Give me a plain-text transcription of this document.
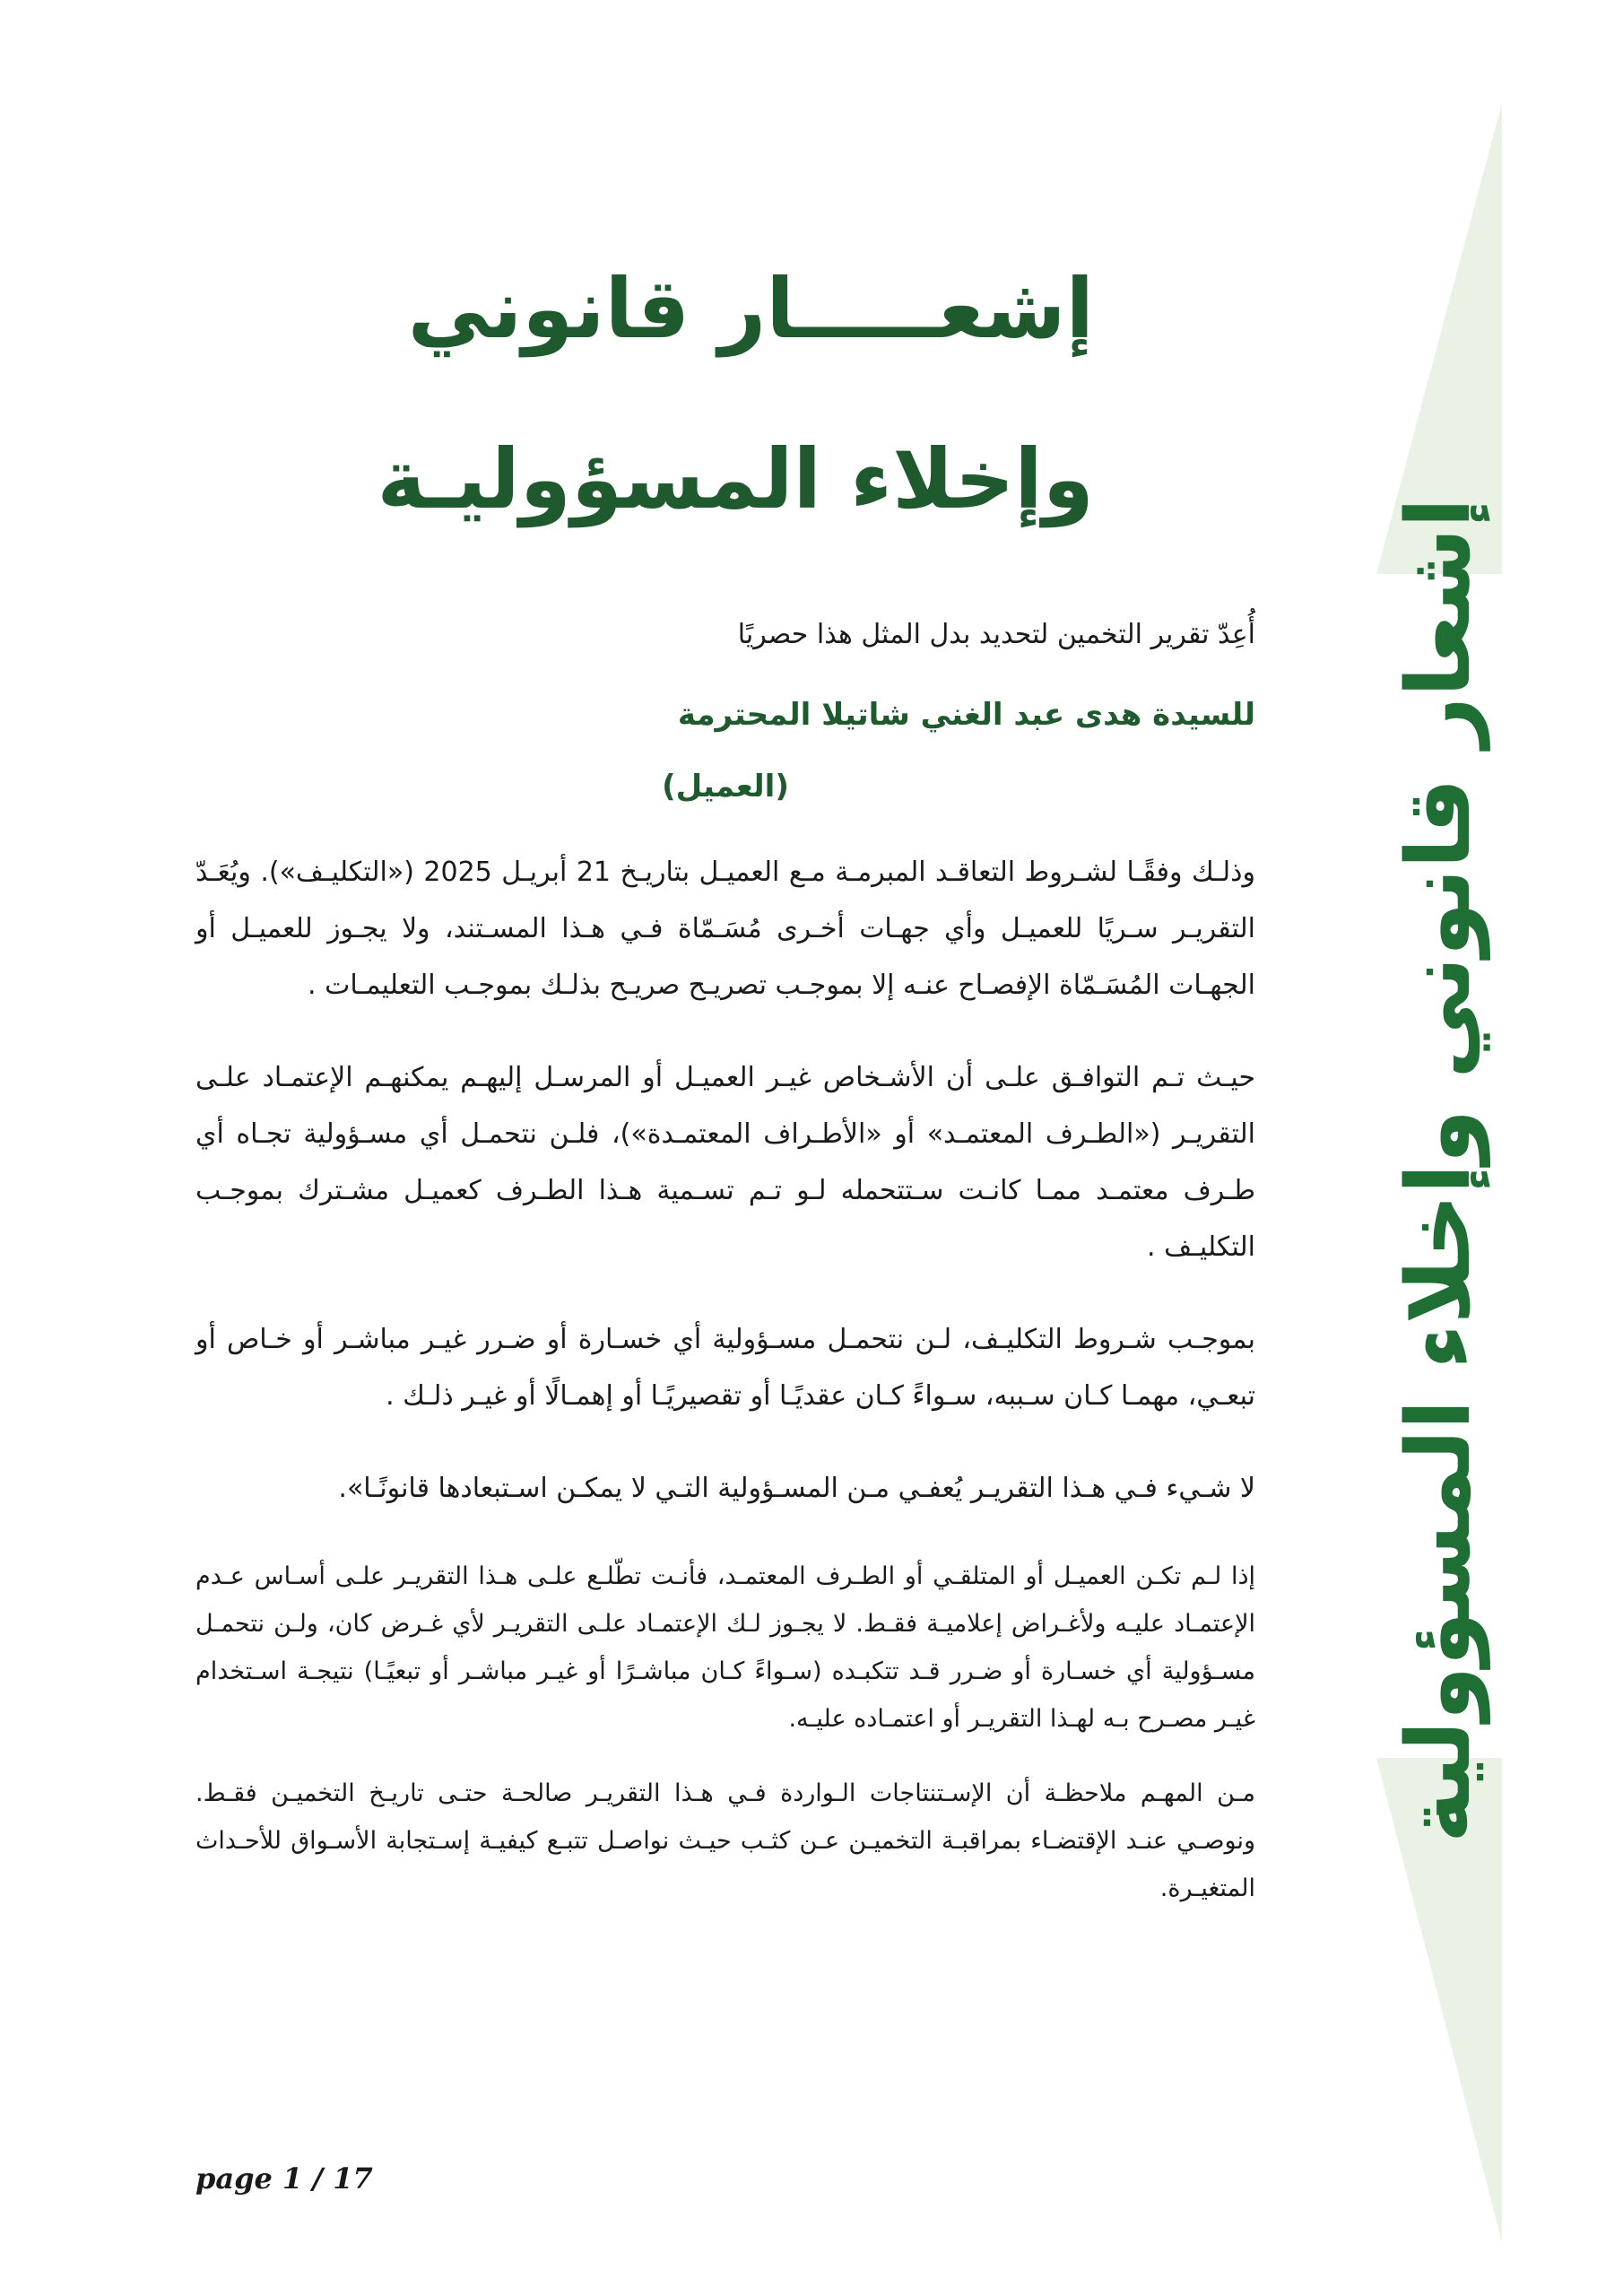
إشعار قانوني وإخلاء المسؤولية
إشعـــــار قانوني
وإخلاء المسؤوليـة

أُعِدّ تقرير التخمين لتحديد بدل المثل هذا حصريًا

للسيدة هدى عبد الغني شاتيلا المحترمة

(العميل)

وذلـك وفقًـا لشـروط التعاقـد المبرمـة مـع العميـل بتاريـخ 21 أبريـل 2025 («التكليـف»). ويُعَـدّ التقريـر سـريًا للعميـل وأي جهـات أخـرى مُسَـمّاة فـي هـذا المسـتند، ولا يجـوز للعميـل أو الجهـات المُسَـمّاة الإفصـاح عنـه إلا بموجـب تصريـح صريـح بذلـك بموجـب التعليمـات .

حيـث تـم التوافـق علـى أن الأشـخاص غيـر العميـل أو المرسـل إليهـم يمكنهـم الإعتمـاد علـى التقريـر («الطـرف المعتمـد» أو «الأطـراف المعتمـدة»)، فلـن نتحمـل أي مسـؤولية تجـاه أي طـرف معتمـد ممـا كانـت سـتتحمله لـو تـم تسـمية هـذا الطـرف كعميـل مشـترك بموجـب التكليـف .

بموجـب شـروط التكليـف، لـن نتحمـل مسـؤولية أي خسـارة أو ضـرر غيـر مباشـر أو خـاص أو تبعـي، مهمـا كـان سـببه، سـواءً كـان عقديًـا أو تقصيريًـا أو إهمـالًا أو غيـر ذلـك .

لا شـيء فـي هـذا التقريـر يُعفـي مـن المسـؤولية التـي لا يمكـن اسـتبعادها قانونًـا».

إذا لـم تكـن العميـل أو المتلقـي أو الطـرف المعتمـد، فأنـت تطّلـع علـى هـذا التقريـر علـى أسـاس عـدم الإعتمـاد عليـه ولأغـراض إعلاميـة فقـط. لا يجـوز لـك الإعتمـاد علـى التقريـر لأي غـرض كان، ولـن نتحمـل مسـؤولية أي خسـارة أو ضـرر قـد تتكبـده (سـواءً كـان مباشـرًا أو غيـر مباشـر أو تبعيًـا) نتيجـة اسـتخدام غيـر مصـرح بـه لهـذا التقريـر أو اعتمـاده عليـه.

مـن المهـم ملاحظـة أن الإسـتنتاجات الـواردة فـي هـذا التقريـر صالحـة حتـى تاريـخ التخميـن فقـط. ونوصـي عنـد الإقتضـاء بمراقبـة التخميـن عـن كثـب حيـث نواصـل تتبـع كيفيـة إسـتجابة الأسـواق للأحـداث المتغيـرة.

page 1 / 17
